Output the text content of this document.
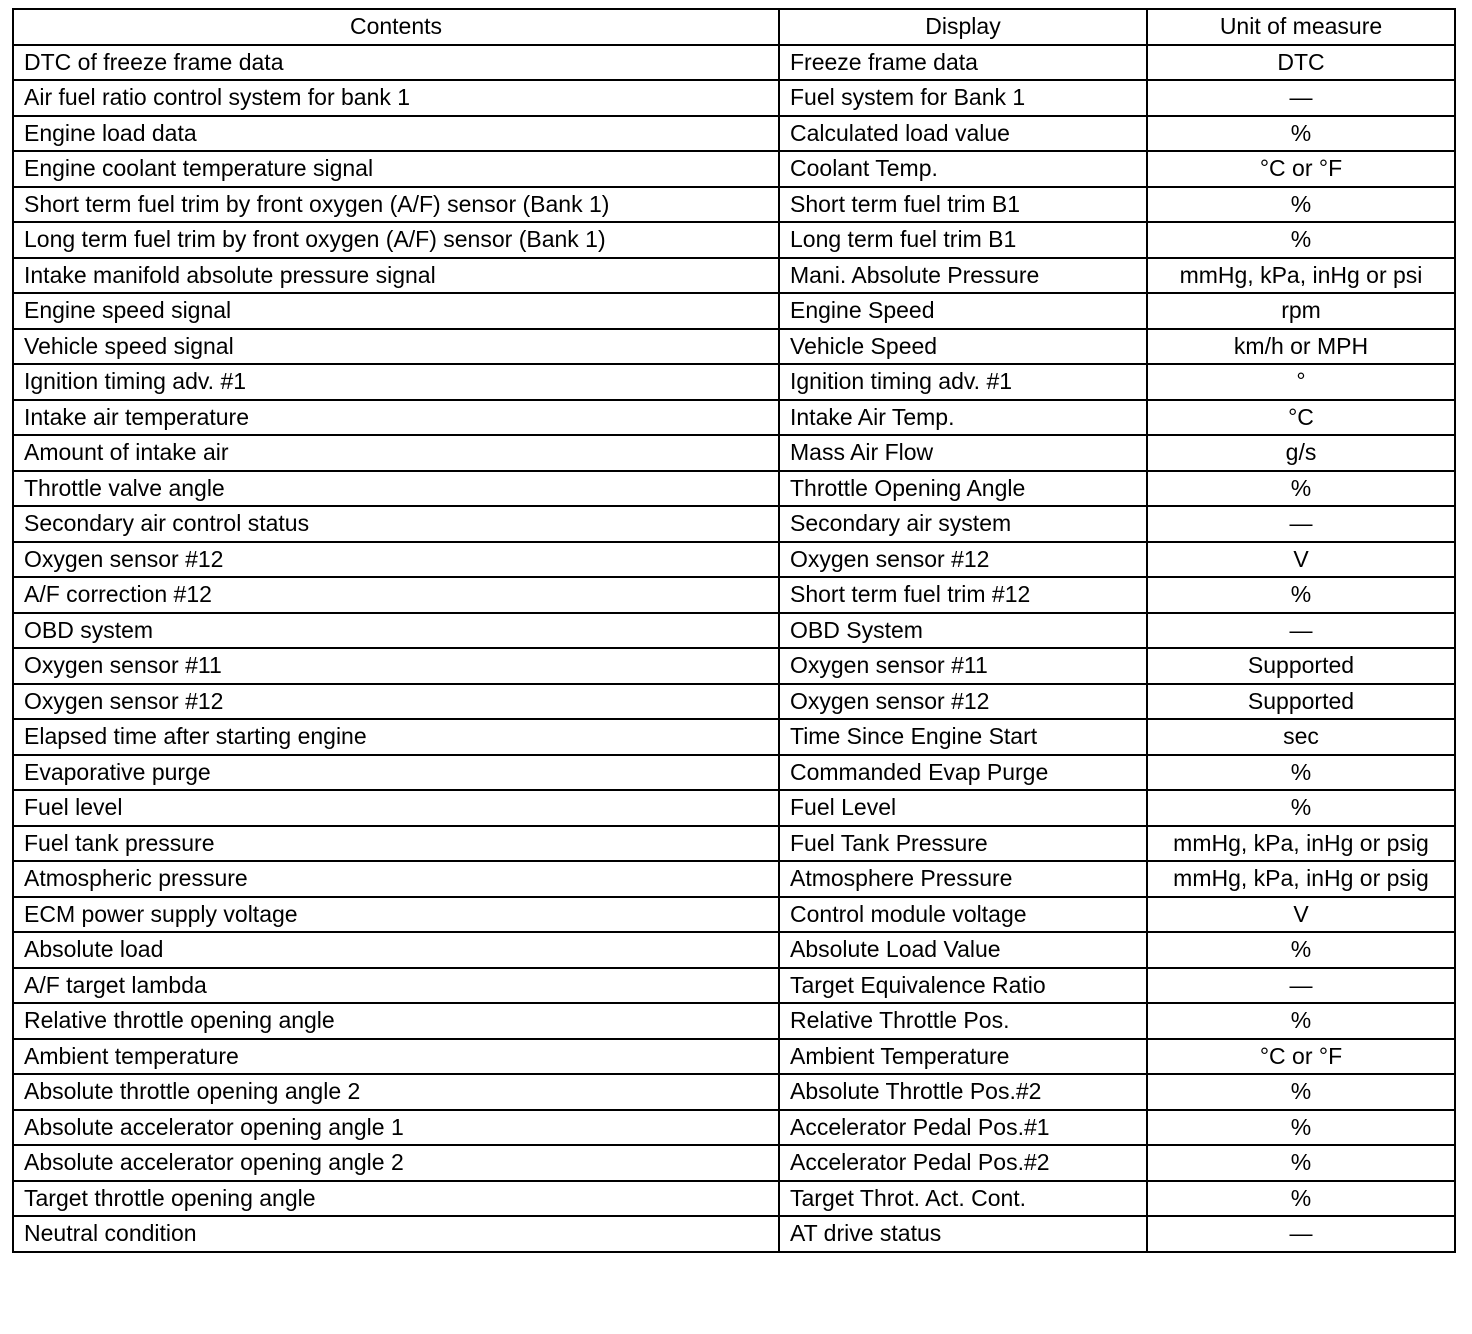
Contents	Display	Unit of measure
DTC of freeze frame data	Freeze frame data	DTC
Air fuel ratio control system for bank 1	Fuel system for Bank 1	—
Engine load data	Calculated load value	%
Engine coolant temperature signal	Coolant Temp.	°C or °F
Short term fuel trim by front oxygen (A/F) sensor (Bank 1)	Short term fuel trim B1	%
Long term fuel trim by front oxygen (A/F) sensor (Bank 1)	Long term fuel trim B1	%
Intake manifold absolute pressure signal	Mani. Absolute Pressure	mmHg, kPa, inHg or psi
Engine speed signal	Engine Speed	rpm
Vehicle speed signal	Vehicle Speed	km/h or MPH
Ignition timing adv. #1	Ignition timing adv. #1	°
Intake air temperature	Intake Air Temp.	°C
Amount of intake air	Mass Air Flow	g/s
Throttle valve angle	Throttle Opening Angle	%
Secondary air control status	Secondary air system	—
Oxygen sensor #12	Oxygen sensor #12	V
A/F correction #12	Short term fuel trim #12	%
OBD system	OBD System	—
Oxygen sensor #11	Oxygen sensor #11	Supported
Oxygen sensor #12	Oxygen sensor #12	Supported
Elapsed time after starting engine	Time Since Engine Start	sec
Evaporative purge	Commanded Evap Purge	%
Fuel level	Fuel Level	%
Fuel tank pressure	Fuel Tank Pressure	mmHg, kPa, inHg or psig
Atmospheric pressure	Atmosphere Pressure	mmHg, kPa, inHg or psig
ECM power supply voltage	Control module voltage	V
Absolute load	Absolute Load Value	%
A/F target lambda	Target Equivalence Ratio	—
Relative throttle opening angle	Relative Throttle Pos.	%
Ambient temperature	Ambient Temperature	°C or °F
Absolute throttle opening angle 2	Absolute Throttle Pos.#2	%
Absolute accelerator opening angle 1	Accelerator Pedal Pos.#1	%
Absolute accelerator opening angle 2	Accelerator Pedal Pos.#2	%
Target throttle opening angle	Target Throt. Act. Cont.	%
Neutral condition	AT drive status	—
